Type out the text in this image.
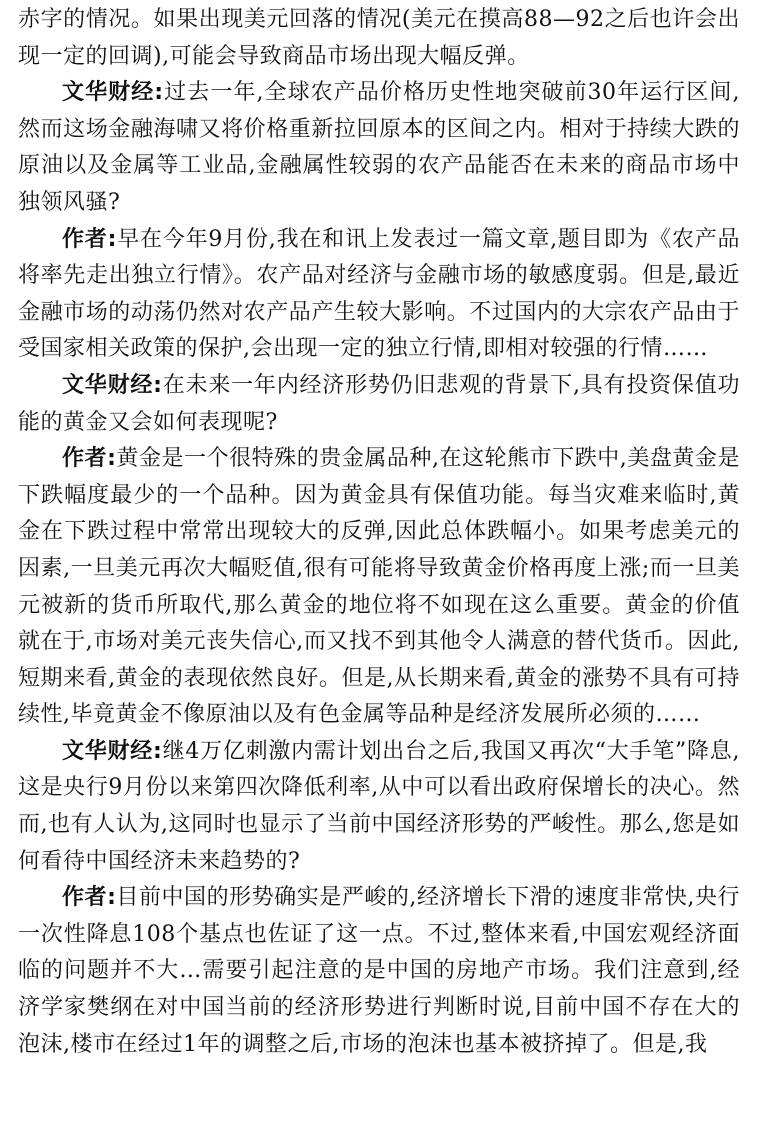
赤字的情况。如果出现美元回落的情况(美元在摸高88—92之后也许会出现一定的回调),可能会导致商品市场出现大幅反弹。

文华财经:过去一年,全球农产品价格历史性地突破前30年运行区间,然而这场金融海啸又将价格重新拉回原本的区间之内。相对于持续大跌的原油以及金属等工业品,金融属性较弱的农产品能否在未来的商品市场中独领风骚?

作者:早在今年9月份,我在和讯上发表过一篇文章,题目即为《农产品将率先走出独立行情》。农产品对经济与金融市场的敏感度弱。但是,最近金融市场的动荡仍然对农产品产生较大影响。不过国内的大宗农产品由于受国家相关政策的保护,会出现一定的独立行情,即相对较强的行情……

文华财经:在未来一年内经济形势仍旧悲观的背景下,具有投资保值功能的黄金又会如何表现呢?

作者:黄金是一个很特殊的贵金属品种,在这轮熊市下跌中,美盘黄金是下跌幅度最少的一个品种。因为黄金具有保值功能。每当灾难来临时,黄金在下跌过程中常常出现较大的反弹,因此总体跌幅小。如果考虑美元的因素,一旦美元再次大幅贬值,很有可能将导致黄金价格再度上涨;而一旦美元被新的货币所取代,那么黄金的地位将不如现在这么重要。黄金的价值就在于,市场对美元丧失信心,而又找不到其他令人满意的替代货币。因此,短期来看,黄金的表现依然良好。但是,从长期来看,黄金的涨势不具有可持续性,毕竟黄金不像原油以及有色金属等品种是经济发展所必须的……

文华财经:继4万亿刺激内需计划出台之后,我国又再次“大手笔”降息,这是央行9月份以来第四次降低利率,从中可以看出政府保增长的决心。然而,也有人认为,这同时也显示了当前中国经济形势的严峻性。那么,您是如何看待中国经济未来趋势的?

作者:目前中国的形势确实是严峻的,经济增长下滑的速度非常快,央行一次性降息108个基点也佐证了这一点。不过,整体来看,中国宏观经济面临的问题并不大…需要引起注意的是中国的房地产市场。我们注意到,经济学家樊纲在对中国当前的经济形势进行判断时说,目前中国不存在大的泡沫,楼市在经过1年的调整之后,市场的泡沫也基本被挤掉了。但是,我
